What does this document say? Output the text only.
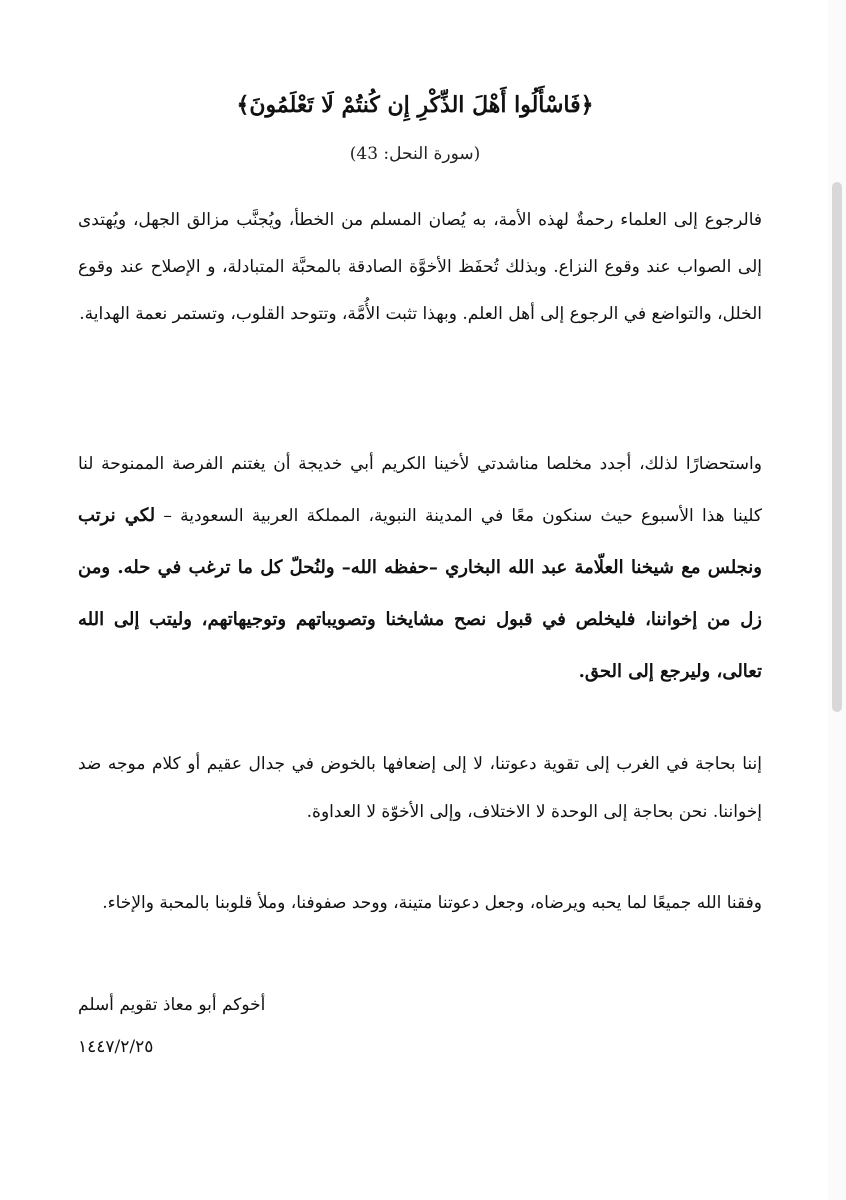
﴿فَاسْأَلُوا أَهْلَ الذِّكْرِ إِن كُنتُمْ لَا تَعْلَمُونَ﴾
(سورة النحل: 43)
فالرجوع إلى العلماء رحمةٌ لهذه الأمة، به يُصان المسلم من الخطأ، ويُجنَّب مزالق الجهل، ويُهتدى إلى الصواب عند وقوع النزاع. وبذلك تُحفَظ الأخوَّة الصادقة بالمحبَّة المتبادلة، و الإصلاح عند وقوع الخلل، والتواضع في الرجوع إلى أهل العلم. وبهذا تثبت الأُمَّة، وتتوحد القلوب، وتستمر نعمة الهداية.
واستحضارًا لذلك، أجدد مخلصا مناشدتي لأخينا الكريم أبي خديجة أن يغتنم الفرصة الممنوحة لنا كلينا هذا الأسبوع حيث سنكون معًا في المدينة النبوية، المملكة العربية السعودية – لكي نرتب ونجلس مع شيخنا العلّامة عبد الله البخاري –حفظه الله– ولنُحلّ كل ما ترغب في حله. ومن زل من إخواننا، فليخلص في قبول نصح مشايخنا وتصويباتهم وتوجيهاتهم، وليتب إلى الله تعالى، وليرجع إلى الحق.
إننا بحاجة في الغرب إلى تقوية دعوتنا، لا إلى إضعافها بالخوض في جدال عقيم أو كلام موجه ضد إخواننا. نحن بحاجة إلى الوحدة لا الاختلاف، وإلى الأخوّة لا العداوة.
وفقنا الله جميعًا لما يحبه ويرضاه، وجعل دعوتنا متينة، ووحد صفوفنا، وملأ قلوبنا بالمحبة والإخاء.
أخوكم أبو معاذ تقويم أسلم
١٤٤٧/٢/٢٥
